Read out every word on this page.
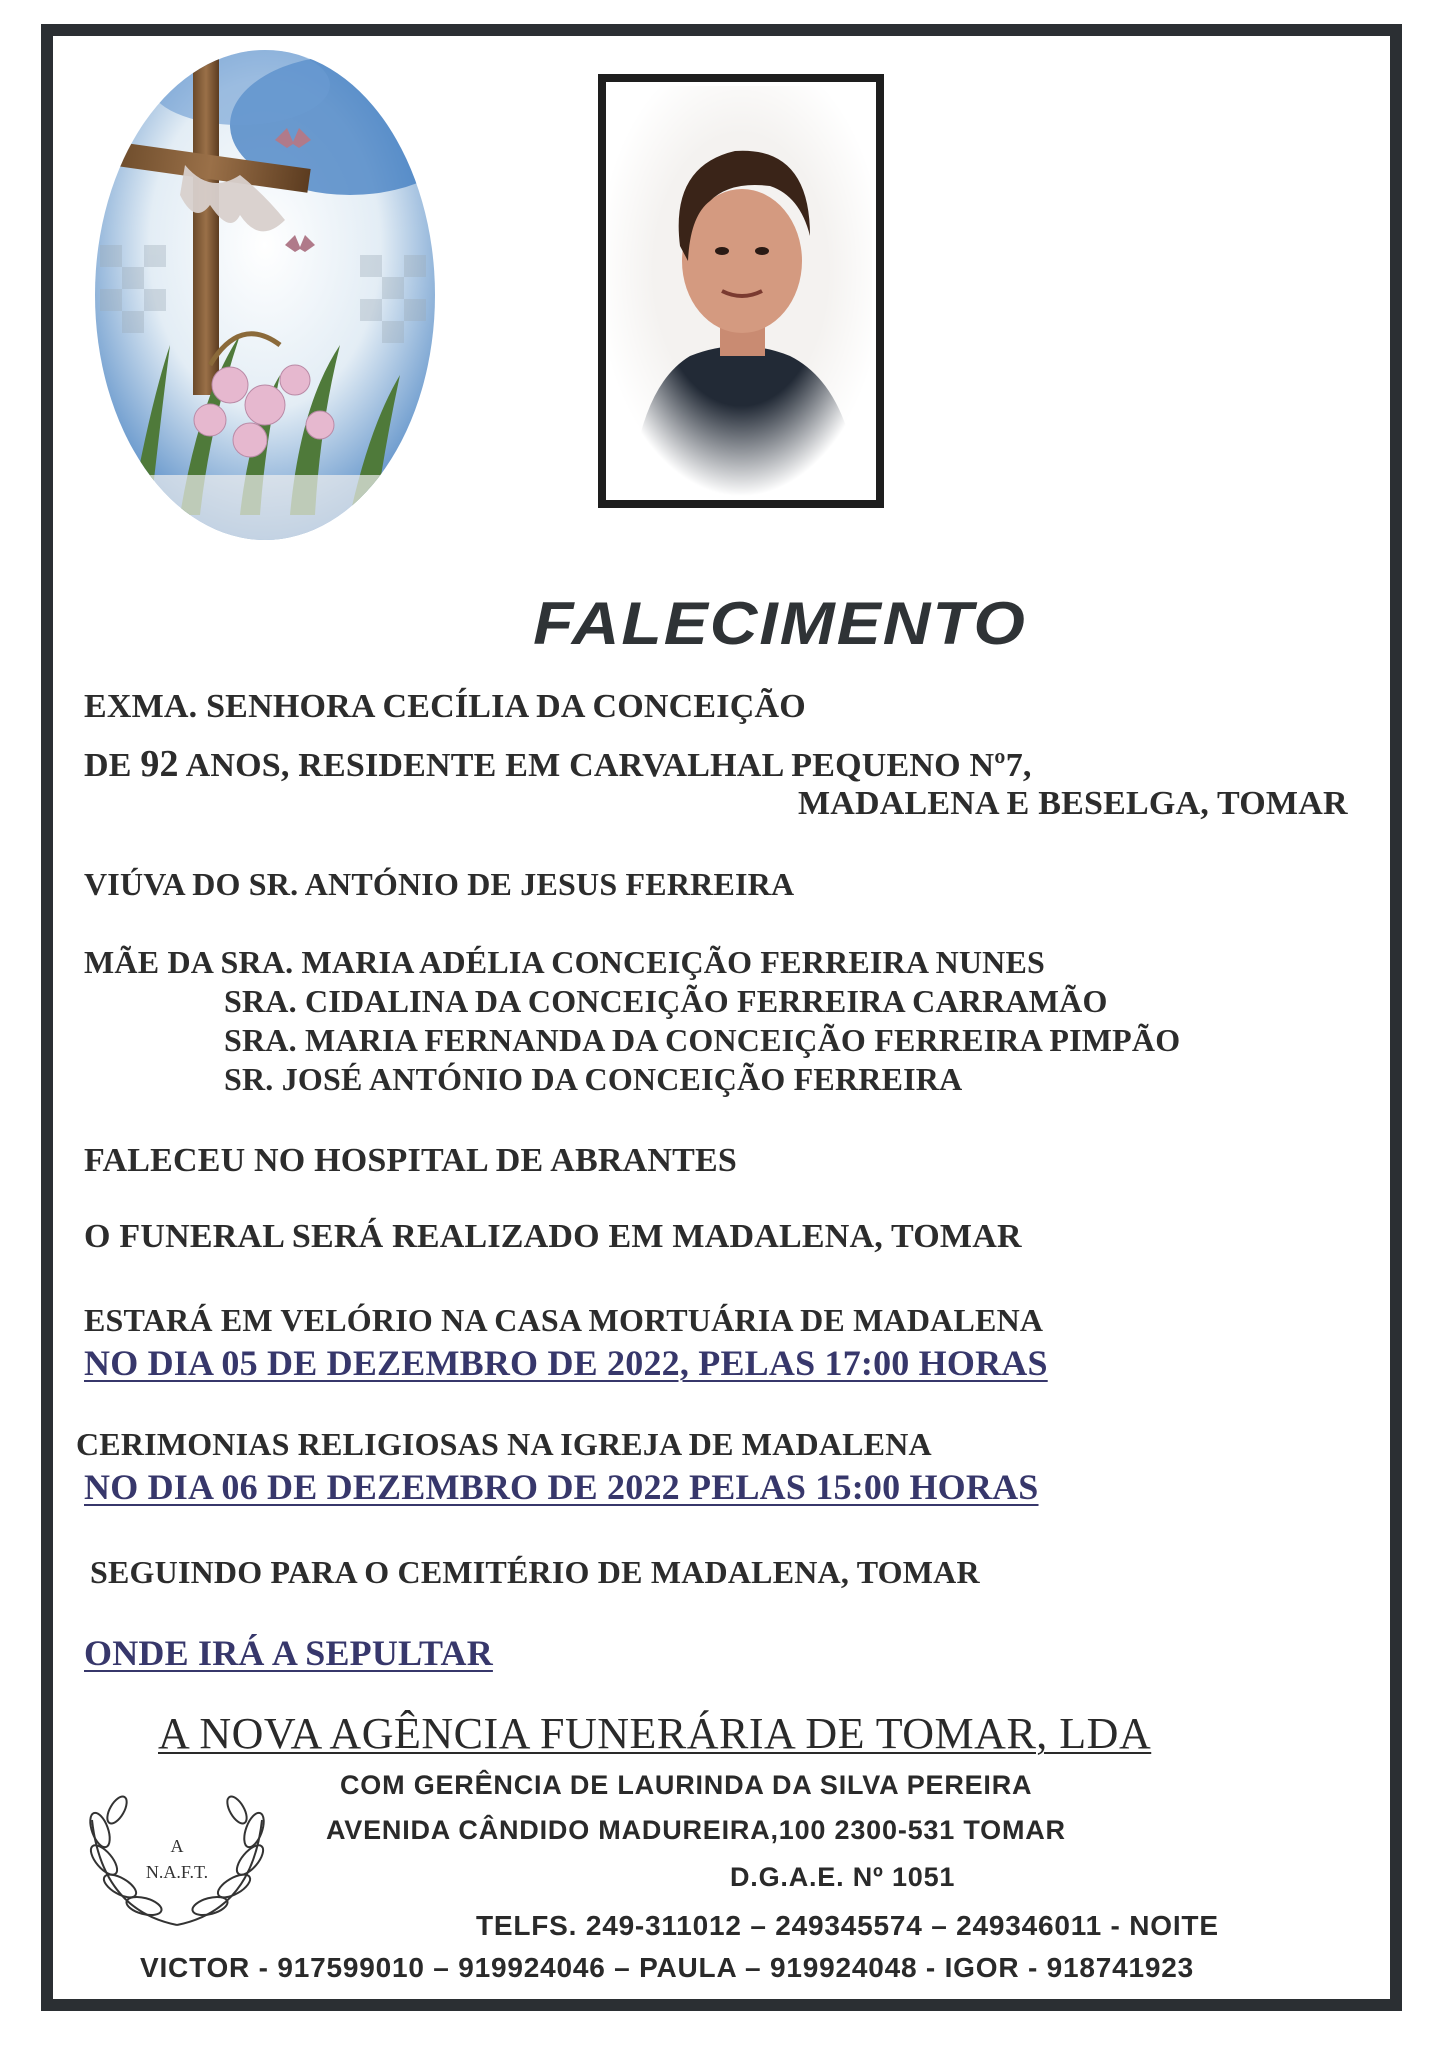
FALECIMENTO
EXMA. SENHORA CECÍLIA DA CONCEIÇÃO
DE 92 ANOS, RESIDENTE EM CARVALHAL PEQUENO Nº7,
MADALENA E BESELGA, TOMAR
VIÚVA DO SR. ANTÓNIO DE JESUS FERREIRA
MÃE DA SRA. MARIA ADÉLIA CONCEIÇÃO FERREIRA NUNES
SRA. CIDALINA DA CONCEIÇÃO FERREIRA CARRAMÃO
SRA. MARIA FERNANDA DA CONCEIÇÃO FERREIRA PIMPÃO
SR. JOSÉ ANTÓNIO DA CONCEIÇÃO FERREIRA
FALECEU NO HOSPITAL DE ABRANTES
O FUNERAL SERÁ REALIZADO EM MADALENA, TOMAR
ESTARÁ EM VELÓRIO NA CASA MORTUÁRIA DE MADALENA
NO DIA 05 DE DEZEMBRO DE 2022, PELAS 17:00 HORAS
CERIMONIAS RELIGIOSAS NA IGREJA DE MADALENA
NO DIA 06 DE DEZEMBRO DE 2022 PELAS 15:00 HORAS
SEGUINDO PARA O CEMITÉRIO DE MADALENA, TOMAR
ONDE IRÁ A SEPULTAR
A NOVA AGÊNCIA FUNERÁRIA DE TOMAR, LDA
COM GERÊNCIA DE LAURINDA DA SILVA PEREIRA
AVENIDA CÂNDIDO MADUREIRA,100 2300-531 TOMAR
D.G.A.E. Nº 1051
TELFS. 249-311012 – 249345574 – 249346011 - NOITE
VICTOR - 917599010 – 919924046 – PAULA – 919924048 - IGOR - 918741923
A
N.A.F.T.
